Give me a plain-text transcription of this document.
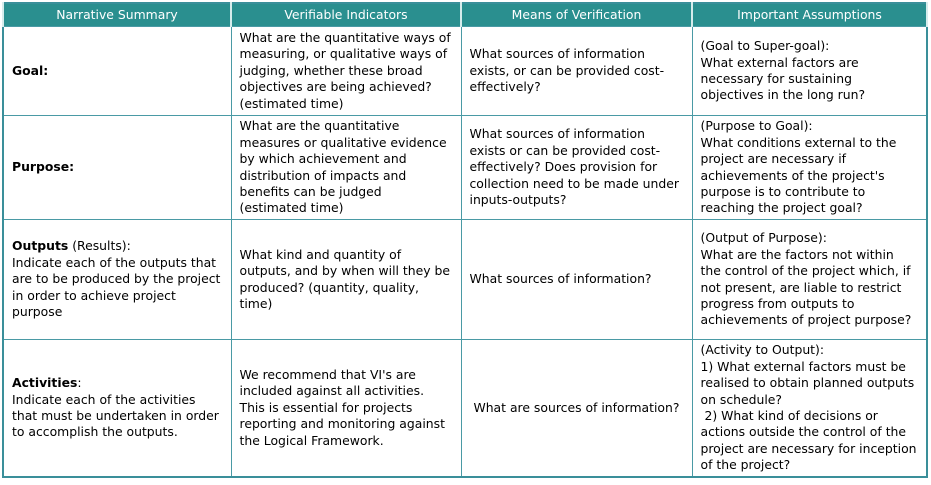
Narrative Summary	Verifiable Indicators	Means of Verification	Important Assumptions
Goal:	What are the quantitative ways of measuring, or qualitative ways of judging, whether these broad objectives are being achieved? (estimated time)	What sources of information exists, or can be provided cost-effectively?	(Goal to Super-goal):
What external factors are necessary for sustaining objectives in the long run?

Purpose:	What are the quantitative measures or qualitative evidence by which achievement and distribution of impacts and benefits can be judged (estimated time)	What sources of information exists or can be provided cost-effectively? Does provision for collection need to be made under inputs-outputs?	(Purpose to Goal):
What conditions external to the project are necessary if achievements of the project's purpose is to contribute to reaching the project goal?

Outputs (Results):
Indicate each of the outputs that are to be produced by the project in order to achieve project purpose	What kind and quantity of outputs, and by when will they be produced? (quantity, quality, time)	What sources of information?	(Output of Purpose):
What are the factors not within the control of the project which, if not present, are liable to restrict progress from outputs to achievements of project purpose?

Activities:
Indicate each of the activities that must be undertaken in order to accomplish the outputs.	We recommend that VI's are included against all activities. This is essential for projects reporting and monitoring against the Logical Framework.	What are sources of information?	(Activity to Output):
1) What external factors must be realised to obtain planned outputs on schedule?
2) What kind of decisions or actions outside the control of the project are necessary for inception of the project?
